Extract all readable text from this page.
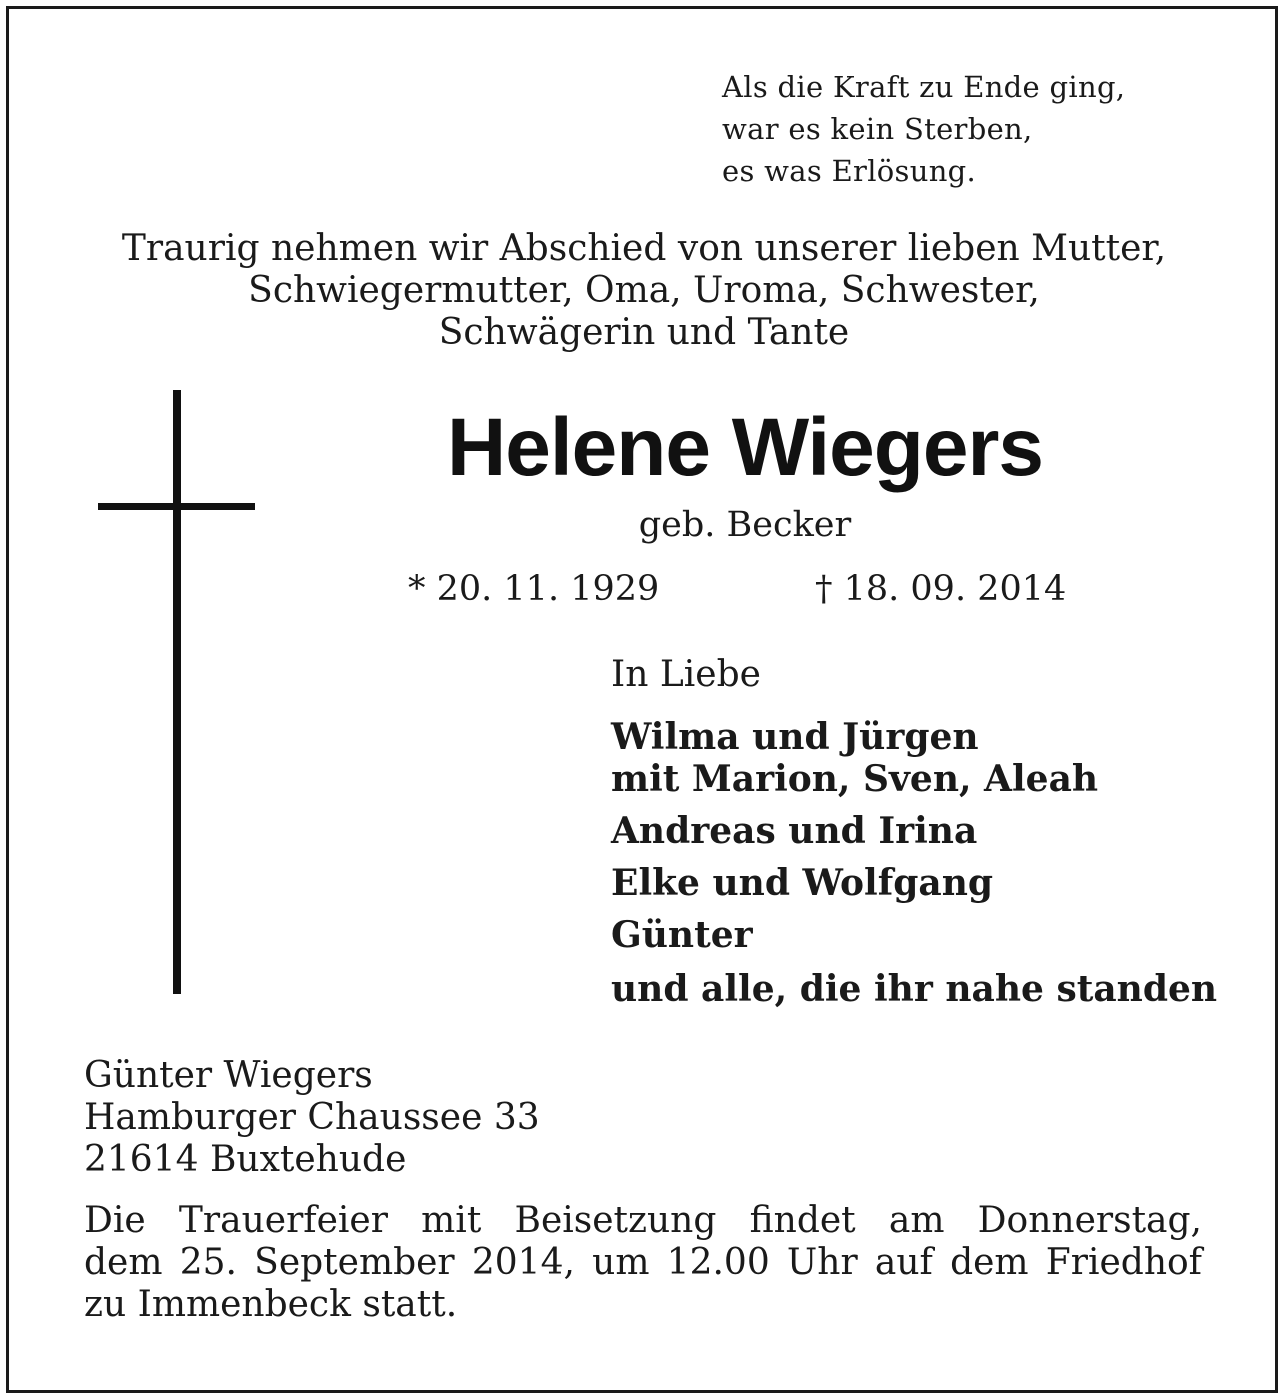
Als die Kraft zu Ende ging,
war es kein Sterben,
es was Erlösung.
Traurig nehmen wir Abschied von unserer lieben Mutter,
Schwiegermutter, Oma, Uroma, Schwester,
Schwägerin und Tante
Helene Wiegers
geb. Becker
* 20. 11. 1929	† 18. 09. 2014
In Liebe
Wilma und Jürgen
mit Marion, Sven, Aleah
Andreas und Irina
Elke und Wolfgang
Günter
und alle, die ihr nahe standen
Günter Wiegers
Hamburger Chaussee 33
21614 Buxtehude
Die Trauerfeier mit Beisetzung findet am Donnerstag,
dem 25. September 2014, um 12.00 Uhr auf dem Friedhof
zu Immenbeck statt.
